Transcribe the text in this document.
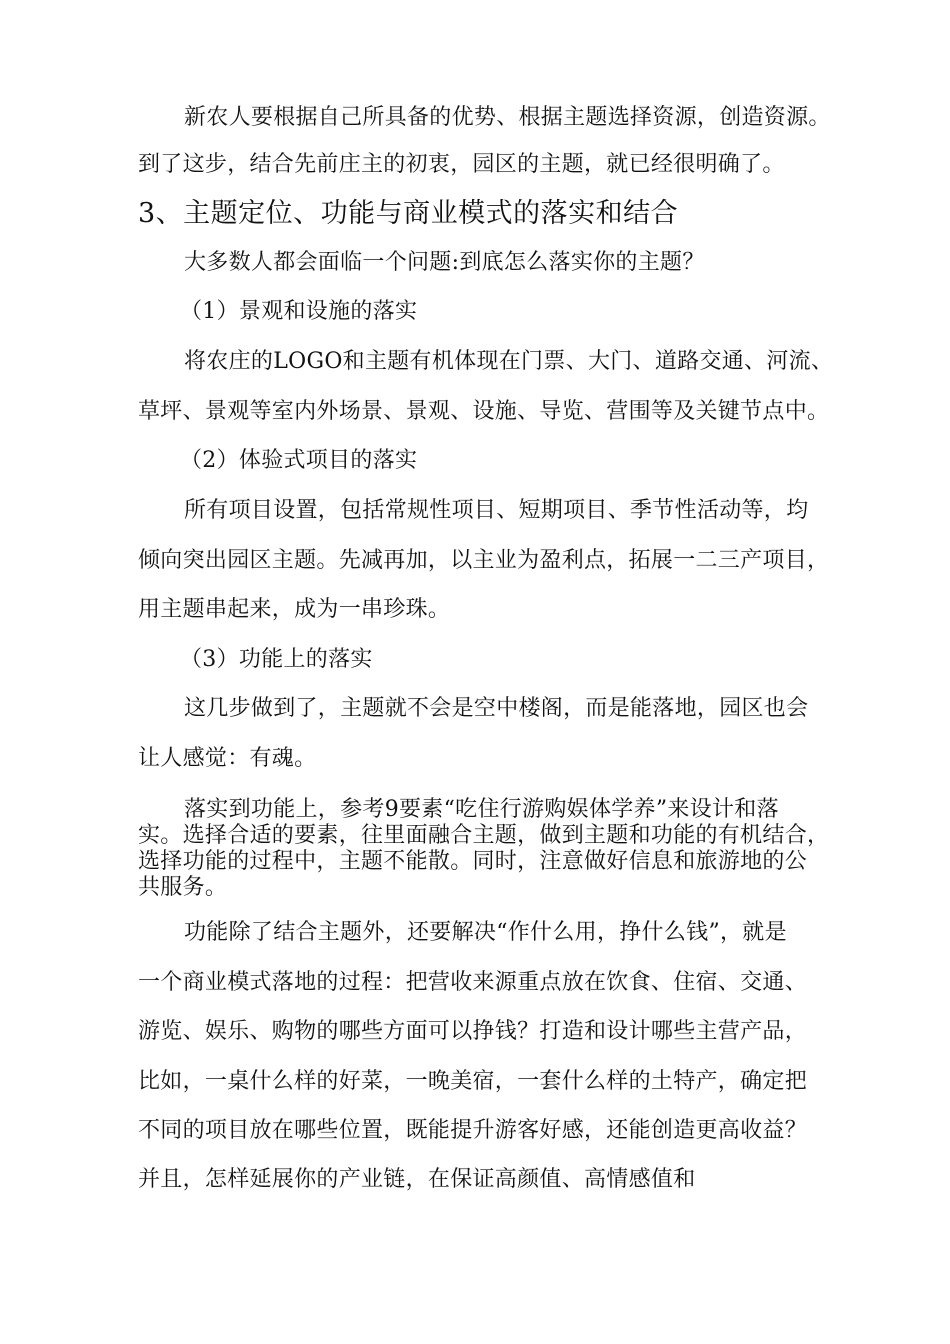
新农人要根据自己所具备的优势、根据主题选择资源，创造资源。
到了这步，结合先前庄主的初衷，园区的主题，就已经很明确了。
3、主题定位、功能与商业模式的落实和结合
大多数人都会面临一个问题:到底怎么落实你的主题？
（1）景观和设施的落实
将农庄的LOGO和主题有机体现在门票、大门、道路交通、河流、
草坪、景观等室内外场景、景观、设施、导览、营围等及关键节点中。
（2）体验式项目的落实
所有项目设置，包括常规性项目、短期项目、季节性活动等，均
倾向突出园区主题。先减再加，以主业为盈利点，拓展一二三产项目，
用主题串起来，成为一串珍珠。
（3）功能上的落实
这几步做到了，主题就不会是空中楼阁，而是能落地，园区也会
让人感觉：有魂。
落实到功能上，参考9要素“吃住行游购娱体学养”来设计和落
实。选择合适的要素，往里面融合主题，做到主题和功能的有机结合，
选择功能的过程中，主题不能散。同时，注意做好信息和旅游地的公
共服务。
功能除了结合主题外，还要解决“作什么用，挣什么钱”，就是
一个商业模式落地的过程：把营收来源重点放在饮食、住宿、交通、
游览、娱乐、购物的哪些方面可以挣钱？打造和设计哪些主营产品，
比如，一桌什么样的好菜，一晚美宿，一套什么样的土特产，确定把
不同的项目放在哪些位置，既能提升游客好感，还能创造更高收益？
并且，怎样延展你的产业链，在保证高颜值、高情感值和
